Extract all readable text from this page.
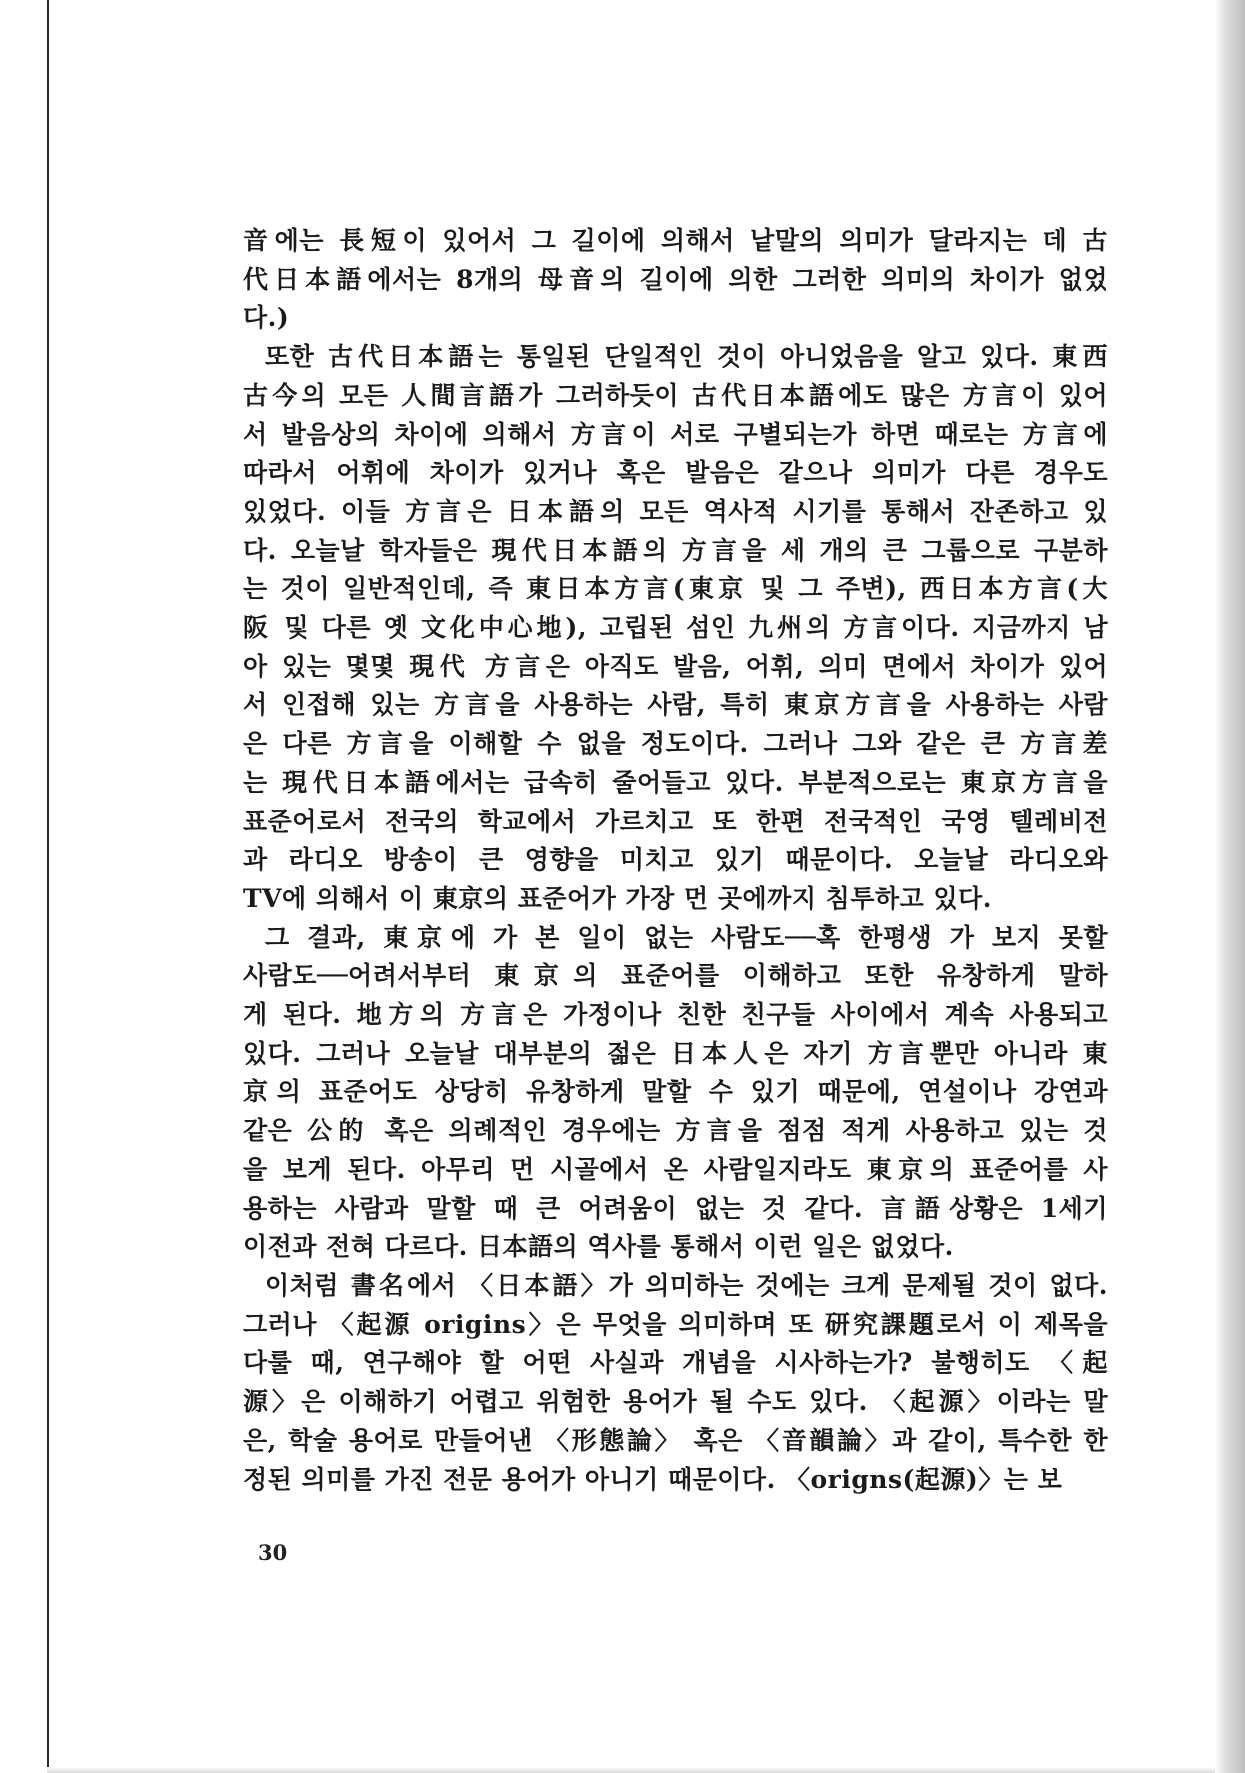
音에는 長短이 있어서 그 길이에 의해서 낱말의 의미가 달라지는 데 古
代日本語에서는 8개의 母音의 길이에 의한 그러한 의미의 차이가 없었
다.)
또한 古代日本語는 통일된 단일적인 것이 아니었음을 알고 있다. 東西
古今의 모든 人間言語가 그러하듯이 古代日本語에도 많은 方言이 있어
서 발음상의 차이에 의해서 方言이 서로 구별되는가 하면 때로는 方言에
따라서 어휘에 차이가 있거나 혹은 발음은 같으나 의미가 다른 경우도
있었다. 이들 方言은 日本語의 모든 역사적 시기를 통해서 잔존하고 있
다. 오늘날 학자들은 現代日本語의 方言을 세 개의 큰 그룹으로 구분하
는 것이 일반적인데, 즉 東日本方言(東京 및 그 주변), 西日本方言(大
阪 및 다른 옛 文化中心地), 고립된 섬인 九州의 方言이다. 지금까지 남
아 있는 몇몇 現代 方言은 아직도 발음, 어휘, 의미 면에서 차이가 있어
서 인접해 있는 方言을 사용하는 사람, 특히 東京方言을 사용하는 사람
은 다른 方言을 이해할 수 없을 정도이다. 그러나 그와 같은 큰 方言差
는 現代日本語에서는 급속히 줄어들고 있다. 부분적으로는 東京方言을
표준어로서 전국의 학교에서 가르치고 또 한편 전국적인 국영 텔레비전
과 라디오 방송이 큰 영향을 미치고 있기 때문이다. 오늘날 라디오와
TV에 의해서 이 東京의 표준어가 가장 먼 곳에까지 침투하고 있다.
그 결과, 東京에 가 본 일이 없는 사람도──혹 한평생 가 보지 못할
사람도──어려서부터 東京의 표준어를 이해하고 또한 유창하게 말하
게 된다. 地方의 方言은 가정이나 친한 친구들 사이에서 계속 사용되고
있다. 그러나 오늘날 대부분의 젊은 日本人은 자기 方言뿐만 아니라 東
京의 표준어도 상당히 유창하게 말할 수 있기 때문에, 연설이나 강연과
같은 公的 혹은 의례적인 경우에는 方言을 점점 적게 사용하고 있는 것
을 보게 된다. 아무리 먼 시골에서 온 사람일지라도 東京의 표준어를 사
용하는 사람과 말할 때 큰 어려움이 없는 것 같다. 言語상황은 1세기
이전과 전혀 다르다. 日本語의 역사를 통해서 이런 일은 없었다.
이처럼 書名에서 〈日本語〉가 의미하는 것에는 크게 문제될 것이 없다.
그러나 〈起源 origins〉은 무엇을 의미하며 또 研究課題로서 이 제목을
다룰 때, 연구해야 할 어떤 사실과 개념을 시사하는가? 불행히도 〈起
源〉은 이해하기 어렵고 위험한 용어가 될 수도 있다. 〈起源〉이라는 말
은, 학술 용어로 만들어낸 〈形態論〉 혹은 〈音韻論〉과 같이, 특수한 한
정된 의미를 가진 전문 용어가 아니기 때문이다. 〈origns(起源)〉는 보
30
